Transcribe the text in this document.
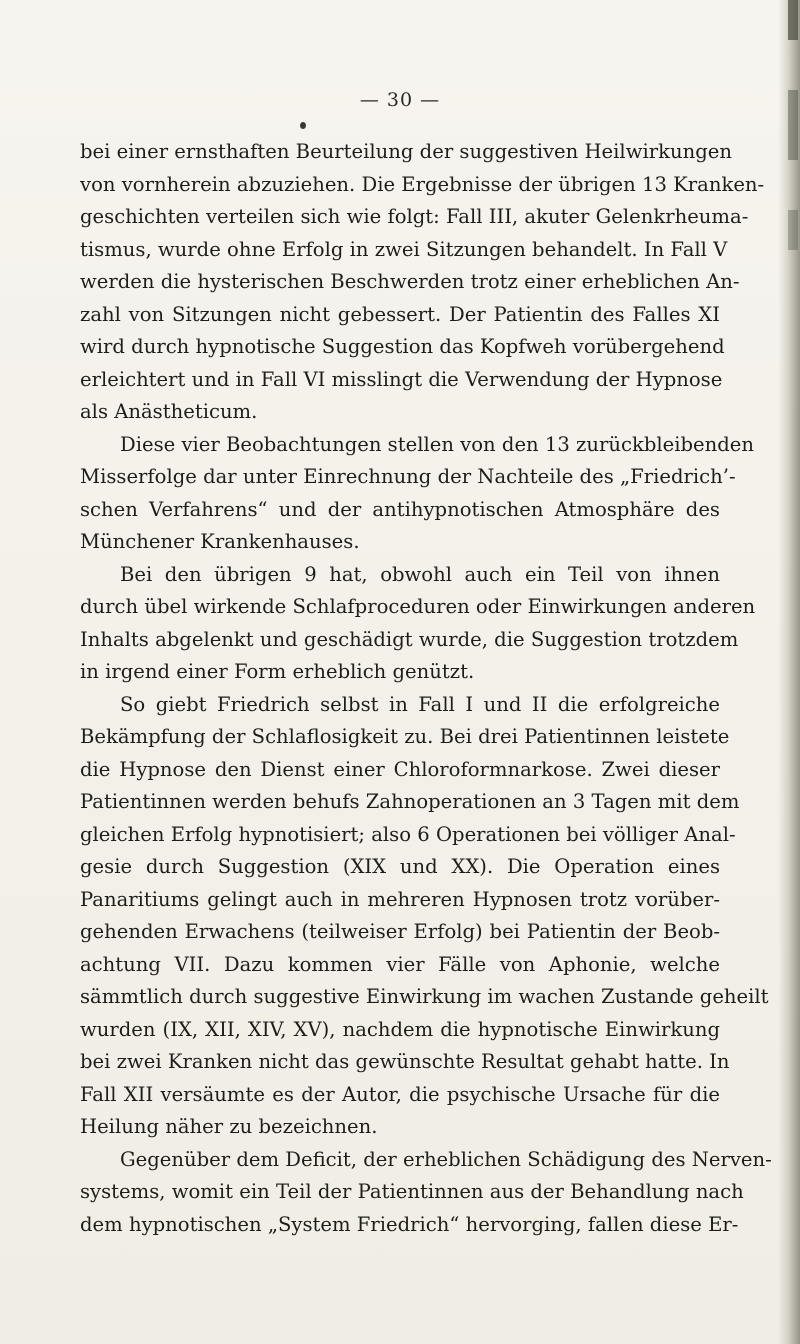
— 30 —
bei einer ernsthaften Beurteilung der suggestiven Heilwirkungen
von vornherein abzuziehen. Die Ergebnisse der übrigen 13 Kranken-
geschichten verteilen sich wie folgt: Fall III, akuter Gelenkrheuma-
tismus, wurde ohne Erfolg in zwei Sitzungen behandelt. In Fall V
werden die hysterischen Beschwerden trotz einer erheblichen An-
zahl von Sitzungen nicht gebessert. Der Patientin des Falles XI
wird durch hypnotische Suggestion das Kopfweh vorübergehend
erleichtert und in Fall VI misslingt die Verwendung der Hypnose
als Anästheticum.
Diese vier Beobachtungen stellen von den 13 zurückbleibenden
Misserfolge dar unter Einrechnung der Nachteile des „Friedrich’-
schen Verfahrens“ und der antihypnotischen Atmosphäre des
Münchener Krankenhauses.
Bei den übrigen 9 hat, obwohl auch ein Teil von ihnen
durch übel wirkende Schlafproceduren oder Einwirkungen anderen
Inhalts abgelenkt und geschädigt wurde, die Suggestion trotzdem
in irgend einer Form erheblich genützt.
So giebt Friedrich selbst in Fall I und II die erfolgreiche
Bekämpfung der Schlaflosigkeit zu. Bei drei Patientinnen leistete
die Hypnose den Dienst einer Chloroformnarkose. Zwei dieser
Patientinnen werden behufs Zahnoperationen an 3 Tagen mit dem
gleichen Erfolg hypnotisiert; also 6 Operationen bei völliger Anal-
gesie durch Suggestion (XIX und XX). Die Operation eines
Panaritiums gelingt auch in mehreren Hypnosen trotz vorüber-
gehenden Erwachens (teilweiser Erfolg) bei Patientin der Beob-
achtung VII. Dazu kommen vier Fälle von Aphonie, welche
sämmtlich durch suggestive Einwirkung im wachen Zustande geheilt
wurden (IX, XII, XIV, XV), nachdem die hypnotische Einwirkung
bei zwei Kranken nicht das gewünschte Resultat gehabt hatte. In
Fall XII versäumte es der Autor, die psychische Ursache für die
Heilung näher zu bezeichnen.
Gegenüber dem Deficit, der erheblichen Schädigung des Nerven-
systems, womit ein Teil der Patientinnen aus der Behandlung nach
dem hypnotischen „System Friedrich“ hervorging, fallen diese Er-
